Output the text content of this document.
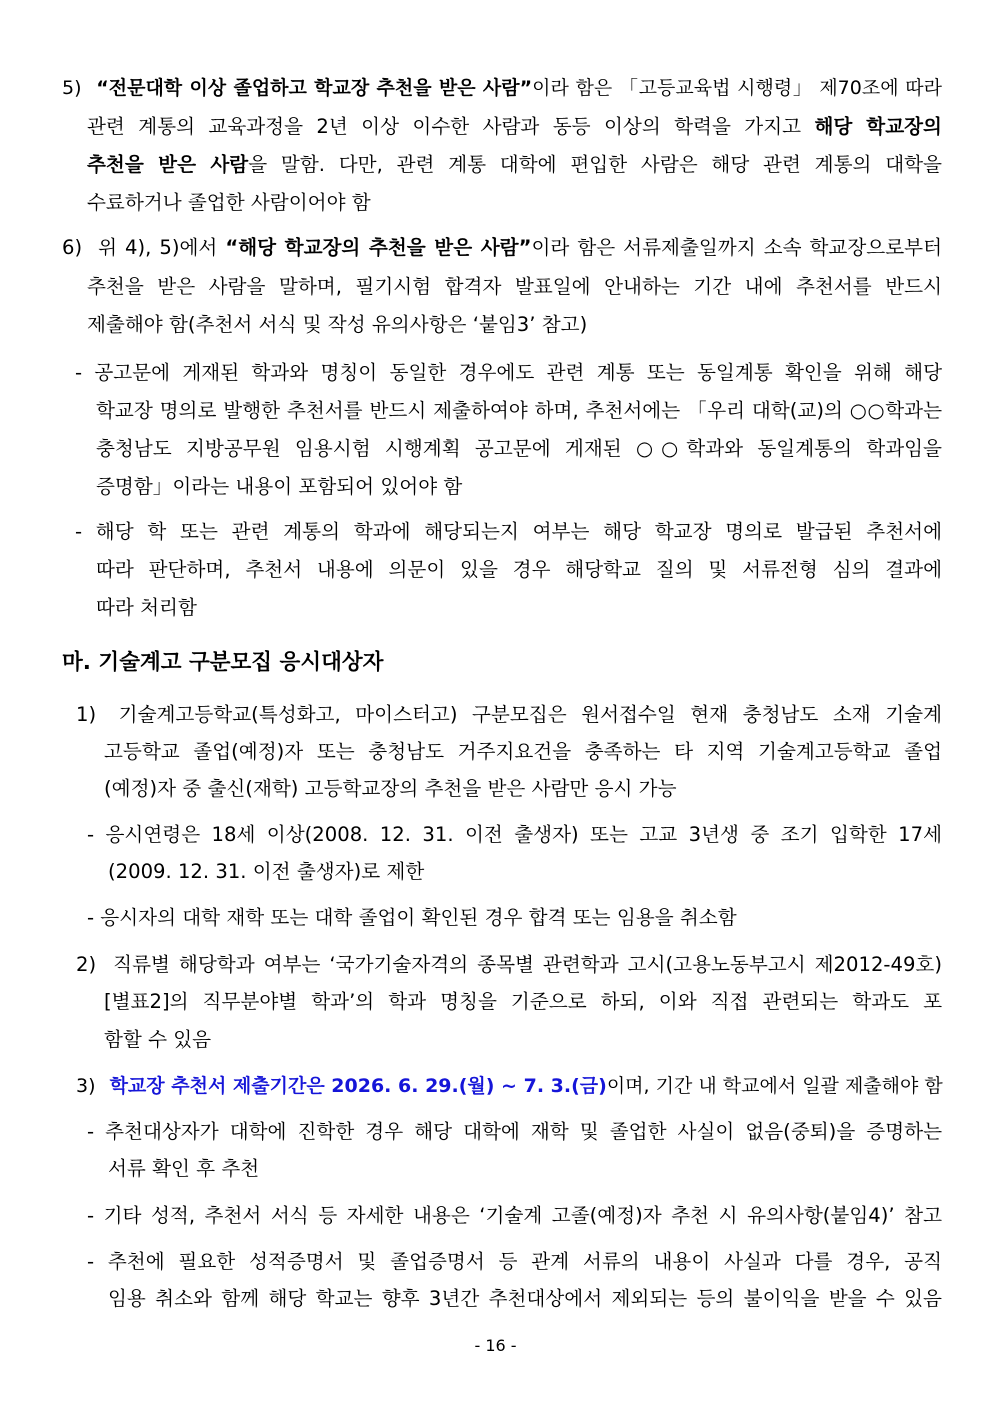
5) “전문대학 이상 졸업하고 학교장 추천을 받은 사람”이라 함은 「고등교육법 시행령」 제70조에 따라
관련 계통의 교육과정을 2년 이상 이수한 사람과 동등 이상의 학력을 가지고 해당 학교장의
추천을 받은 사람을 말함. 다만, 관련 계통 대학에 편입한 사람은 해당 관련 계통의 대학을
수료하거나 졸업한 사람이어야 함
6) 위 4), 5)에서 “해당 학교장의 추천을 받은 사람”이라 함은 서류제출일까지 소속 학교장으로부터
추천을 받은 사람을 말하며, 필기시험 합격자 발표일에 안내하는 기간 내에 추천서를 반드시
제출해야 함(추천서 서식 및 작성 유의사항은 ‘붙임3’ 참고)
- 공고문에 게재된 학과와 명칭이 동일한 경우에도 관련 계통 또는 동일계통 확인을 위해 해당
학교장 명의로 발행한 추천서를 반드시 제출하여야 하며, 추천서에는 「우리 대학(교)의 ○○학과는
충청남도 지방공무원 임용시험 시행계획 공고문에 게재된 ○○학과와 동일계통의 학과임을
증명함」이라는 내용이 포함되어 있어야 함
- 해당 학 또는 관련 계통의 학과에 해당되는지 여부는 해당 학교장 명의로 발급된 추천서에
따라 판단하며, 추천서 내용에 의문이 있을 경우 해당학교 질의 및 서류전형 심의 결과에
따라 처리함
마. 기술계고 구분모집 응시대상자
1) 기술계고등학교(특성화고, 마이스터고) 구분모집은 원서접수일 현재 충청남도 소재 기술계
고등학교 졸업(예정)자 또는 충청남도 거주지요건을 충족하는 타 지역 기술계고등학교 졸업
(예정)자 중 출신(재학) 고등학교장의 추천을 받은 사람만 응시 가능
- 응시연령은 18세 이상(2008. 12. 31. 이전 출생자) 또는 고교 3년생 중 조기 입학한 17세
(2009. 12. 31. 이전 출생자)로 제한
- 응시자의 대학 재학 또는 대학 졸업이 확인된 경우 합격 또는 임용을 취소함
2) 직류별 해당학과 여부는 ‘국가기술자격의 종목별 관련학과 고시(고용노동부고시 제2012-49호)
[별표2]의 직무분야별 학과’의 학과 명칭을 기준으로 하되, 이와 직접 관련되는 학과도 포
함할 수 있음
3) 학교장 추천서 제출기간은 2026. 6. 29.(월) ~ 7. 3.(금)이며, 기간 내 학교에서 일괄 제출해야 함
- 추천대상자가 대학에 진학한 경우 해당 대학에 재학 및 졸업한 사실이 없음(중퇴)을 증명하는
서류 확인 후 추천
- 기타 성적, 추천서 서식 등 자세한 내용은 ‘기술계 고졸(예정)자 추천 시 유의사항(붙임4)’ 참고
- 추천에 필요한 성적증명서 및 졸업증명서 등 관계 서류의 내용이 사실과 다를 경우, 공직
임용 취소와 함께 해당 학교는 향후 3년간 추천대상에서 제외되는 등의 불이익을 받을 수 있음
- 16 -
